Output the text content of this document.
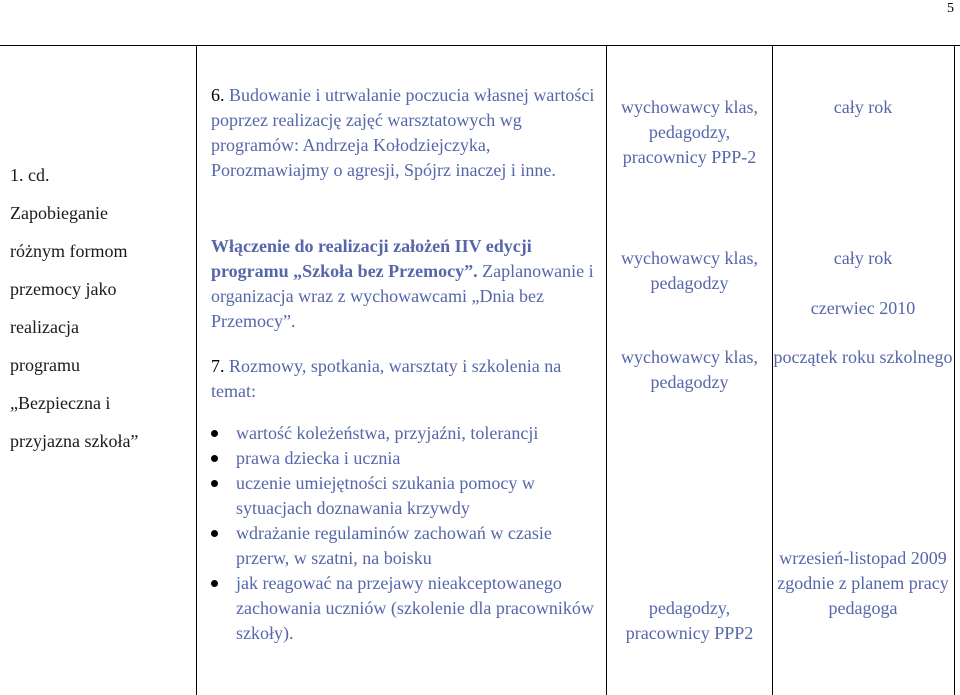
5
1. cd.
Zapobieganie
różnym formom
przemocy jako
realizacja
programu
„Bezpieczna i
przyjazna szkoła”
6. Budowanie i utrwalanie poczucia własnej wartości poprzez realizację zajęć warsztatowych wg programów: Andrzeja Kołodziejczyka, Porozmawiajmy o agresji, Spójrz inaczej i inne.
wychowawcy klas, pedagodzy, pracownicy PPP-2
cały rok
Włączenie do realizacji założeń IIV edycji programu „Szkoła bez Przemocy”. Zaplanowanie i organizacja wraz z wychowawcami „Dnia bez Przemocy”.
wychowawcy klas, pedagodzy
cały rok
czerwiec 2010
7. Rozmowy, spotkania, warsztaty i szkolenia na temat:
wychowawcy klas, pedagodzy
początek roku szkolnego
wartość koleżeństwa, przyjaźni, tolerancji
prawa dziecka i ucznia
uczenie umiejętności szukania pomocy w sytuacjach doznawania krzywdy
wdrażanie regulaminów zachowań w czasie przerw, w szatni, na boisku
jak reagować na przejawy nieakceptowanego zachowania uczniów (szkolenie dla pracowników szkoły).
pedagodzy, pracownicy PPP2
wrzesień-listopad 2009 zgodnie z planem pracy pedagoga
